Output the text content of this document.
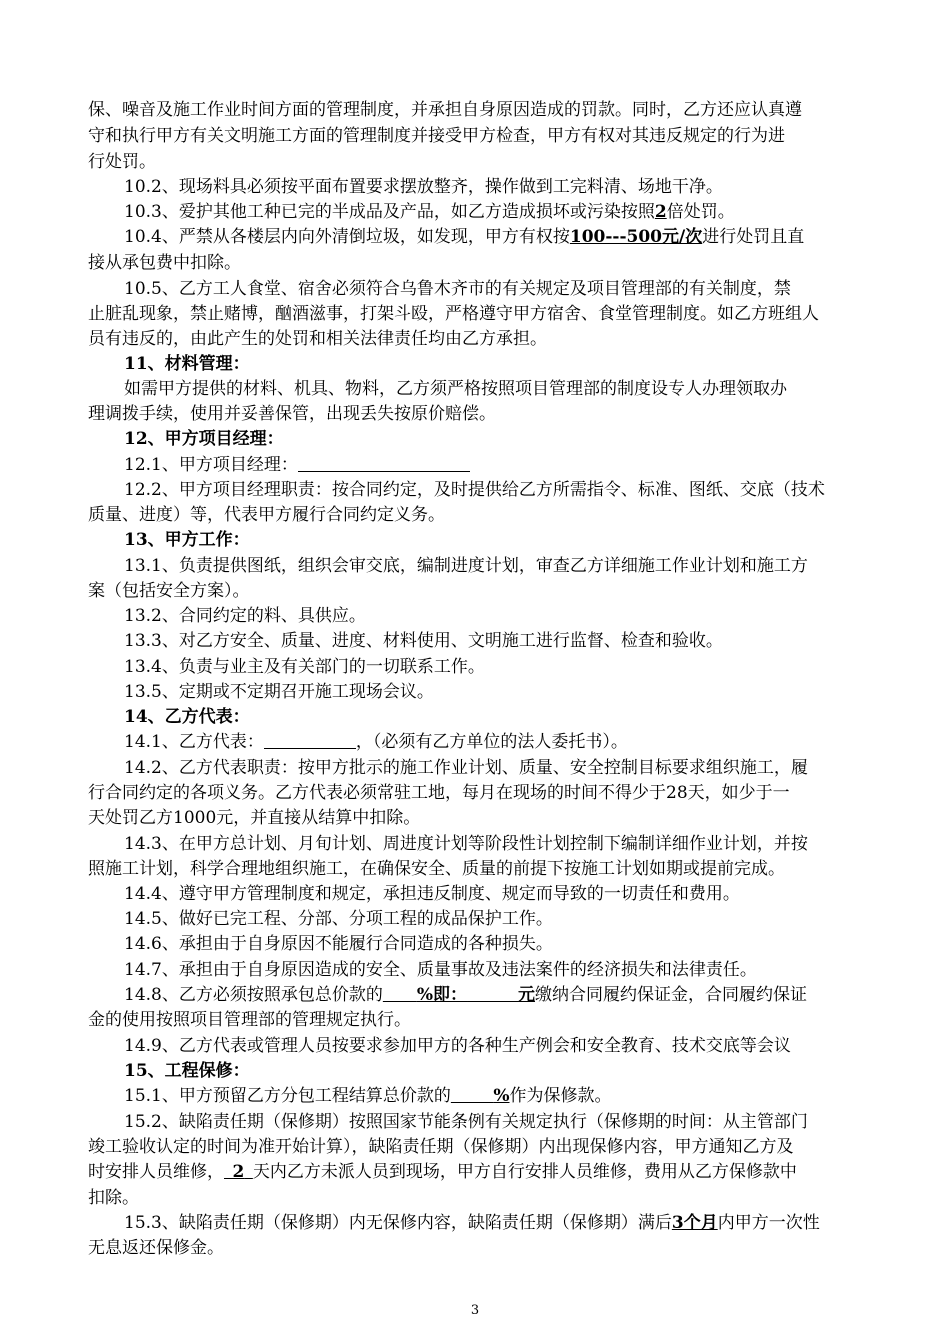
保、噪音及施工作业时间方面的管理制度，并承担自身原因造成的罚款。同时，乙方还应认真遵

守和执行甲方有关文明施工方面的管理制度并接受甲方检查，甲方有权对其违反规定的行为进

行处罚。

10.2、现场料具必须按平面布置要求摆放整齐，操作做到工完料清、场地干净。

10.3、爱护其他工种已完的半成品及产品，如乙方造成损坏或污染按照2倍处罚。

10.4、严禁从各楼层内向外清倒垃圾，如发现，甲方有权按100---500元/次进行处罚且直

接从承包费中扣除。

10.5、乙方工人食堂、宿舍必须符合乌鲁木齐市的有关规定及项目管理部的有关制度，禁

止脏乱现象，禁止赌博，酗酒滋事，打架斗殴，严格遵守甲方宿舍、食堂管理制度。如乙方班组人

员有违反的，由此产生的处罚和相关法律责任均由乙方承担。

11、材料管理：

如需甲方提供的材料、机具、物料，乙方须严格按照项目管理部的制度设专人办理领取办

理调拨手续，使用并妥善保管，出现丢失按原价赔偿。

12、甲方项目经理：

12.1、甲方项目经理：

12.2、甲方项目经理职责：按合同约定，及时提供给乙方所需指令、标准、图纸、交底（技术

质量、进度）等，代表甲方履行合同约定义务。

13、甲方工作：

13.1、负责提供图纸，组织会审交底，编制进度计划，审查乙方详细施工作业计划和施工方

案（包括安全方案）。

13.2、合同约定的料、具供应。

13.3、对乙方安全、质量、进度、材料使用、文明施工进行监督、检查和验收。

13.4、负责与业主及有关部门的一切联系工作。

13.5、定期或不定期召开施工现场会议。

14、乙方代表：

14.1、乙方代表：	，（必须有乙方单位的法人委托书）。

14.2、乙方代表职责：按甲方批示的施工作业计划、质量、安全控制目标要求组织施工，履

行合同约定的各项义务。乙方代表必须常驻工地，每月在现场的时间不得少于28天，如少于一

天处罚乙方1000元，并直接从结算中扣除。

14.3、在甲方总计划、月旬计划、周进度计划等阶段性计划控制下编制详细作业计划，并按

照施工计划，科学合理地组织施工，在确保安全、质量的前提下按施工计划如期或提前完成。

14.4、遵守甲方管理制度和规定，承担违反制度、规定而导致的一切责任和费用。

14.5、做好已完工程、分部、分项工程的成品保护工作。

14.6、承担由于自身原因不能履行合同造成的各种损失。

14.7、承担由于自身原因造成的安全、质量事故及违法案件的经济损失和法律责任。

14.8、乙方必须按照承包总价款的   %即：   	元缴纳合同履约保证金，合同履约保证

金的使用按照项目管理部的管理规定执行。

14.9、乙方代表或管理人员按要求参加甲方的各种生产例会和安全教育、技术交底等会议

15、工程保修：

15.1、甲方预留乙方分包工程结算总价款的   	%作为保修款。

15.2、缺陷责任期（保修期）按照国家节能条例有关规定执行（保修期的时间：从主管部门

竣工验收认定的时间为准开始计算），缺陷责任期（保修期）内出现保修内容，甲方通知乙方及

时安排人员维修，  2  天内乙方未派人员到现场，甲方自行安排人员维修，费用从乙方保修款中

扣除。

15.3、缺陷责任期（保修期）内无保修内容，缺陷责任期（保修期）满后3个月内甲方一次性

无息返还保修金。

3
